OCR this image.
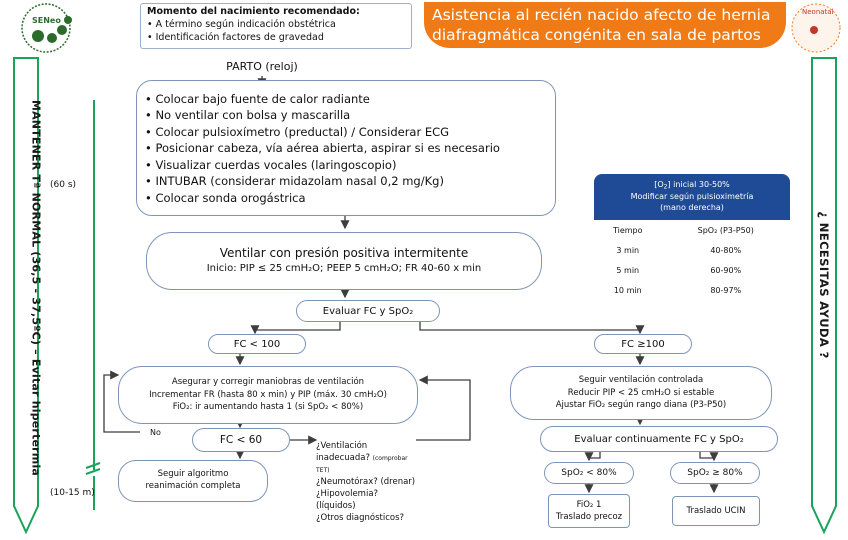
MANTENER Tª NORMAL (36,5 - 37,5ºC) – Evitar hipertermia	¿ NECESITAS AYUDA ?
SENeo
Momento del nacimiento recomendado:
• A término según indicación obstétrica
• Identificación factores de gravedad
Asistencia al recién nacido afecto de hernia
diafragmática congénita en sala de partos
Neonatal
PARTO (reloj)
(60 s)
(10-15 m)
• Colocar bajo fuente de calor radiante
• No ventilar con bolsa y mascarilla
• Colocar pulsioxímetro (preductal) / Considerar ECG
• Posicionar cabeza, vía aérea abierta, aspirar si es necesario
• Visualizar cuerdas vocales (laringoscopio)
• INTUBAR (considerar midazolam nasal 0,2 mg/Kg)
• Colocar sonda orogástrica
$[O_2]$ inicial 30-50%
Modificar según pulsioximetría
(mano derecha)
Tiempo	SpO₂ (P3-P50)
3 min	40-80%
5 min	60-90%
10 min	80-97%
Ventilar con presión positiva intermitente
Inicio: PIP ≤ 25 cmH₂O; PEEP 5 cmH₂O; FR 40-60 x min
Evaluar FC y SpO₂
FC < 100	FC ≥100
Asegurar y corregir maniobras de ventilación
Incrementar FR (hasta 80 x min) y PIP (máx. 30 cmH₂O)
FiO₂: ir aumentando hasta 1 (si SpO₂ < 80%)
Seguir ventilación controlada
Reducir PIP < 25 cmH₂O si estable
Ajustar FiO₂ según rango diana (P3-P50)
No
FC < 60
Seguir algoritmo reanimación completa
¿Ventilación inadecuada? (comprobar TET)
¿Neumotórax? (drenar)
¿Hipovolemia? (líquidos)
¿Otros diagnósticos?
Evaluar continuamente FC y SpO₂
SpO₂ < 80%	SpO₂ ≥ 80%
FiO₂ 1
Traslado precoz
Traslado UCIN
